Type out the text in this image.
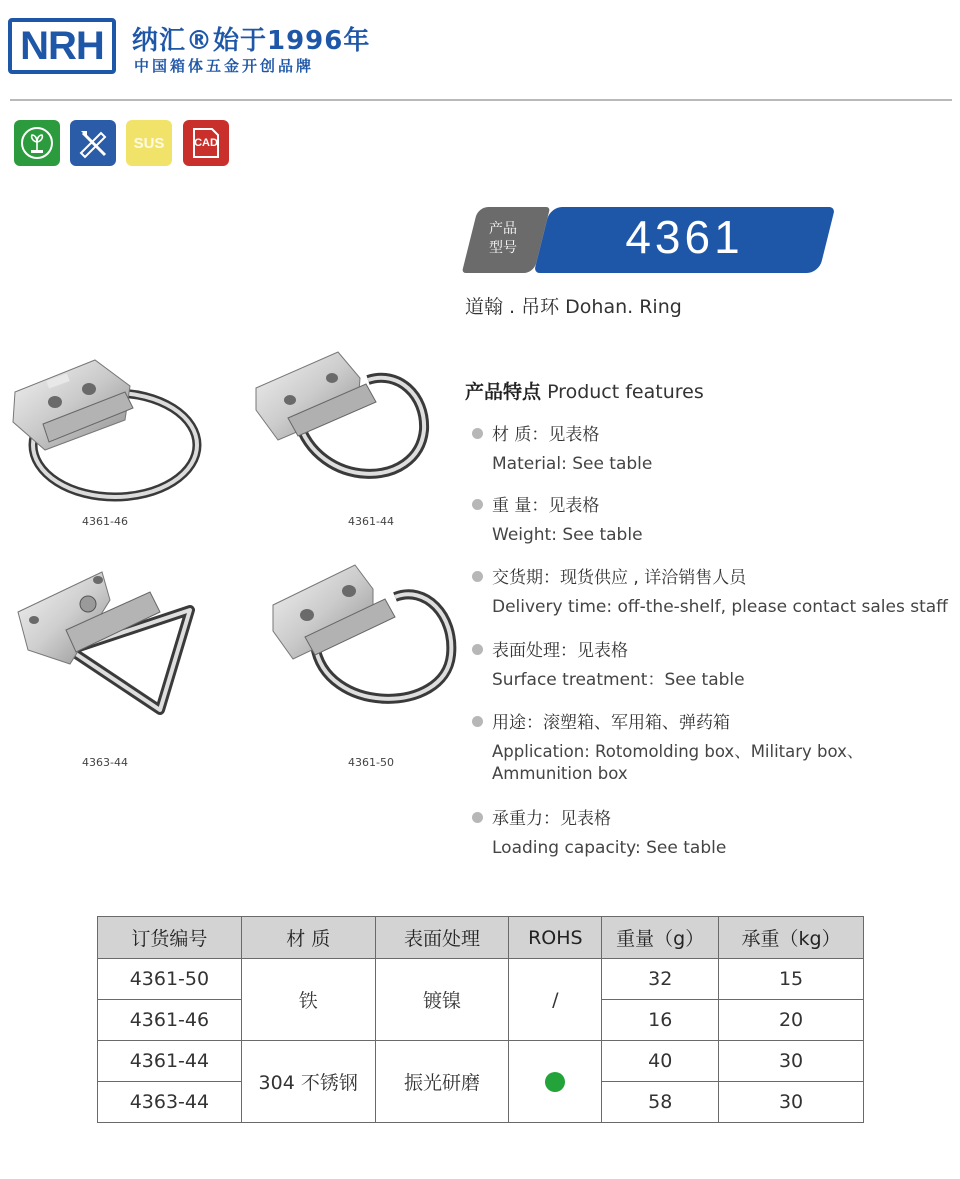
NRH 纳汇®始于1996年
中国箱体五金开创品牌
SUS	CAD
产品
型号	4361
道翰 . 吊环 Dohan. Ring
4361-46	4361-44
4363-44	4361-50
产品特点 Product features
材 质：见表格
Material: See table
重 量：见表格
Weight: See table
交货期：现货供应 , 详洽销售人员
Delivery time: off-the-shelf, please contact sales staff
表面处理：见表格
Surface treatment：See table
用途：滚塑箱、军用箱、弹药箱
Application: Rotomolding box、Military box、Ammunition box
承重力：见表格
Loading capacity: See table
订货编号	材 质	表面处理	ROHS	重量（g）	承重（kg）
4361-50	铁	镀镍	/	32	15
4361-46				16	20
4361-44	304 不锈钢	振光研磨		40	30
4363-44				58	30
